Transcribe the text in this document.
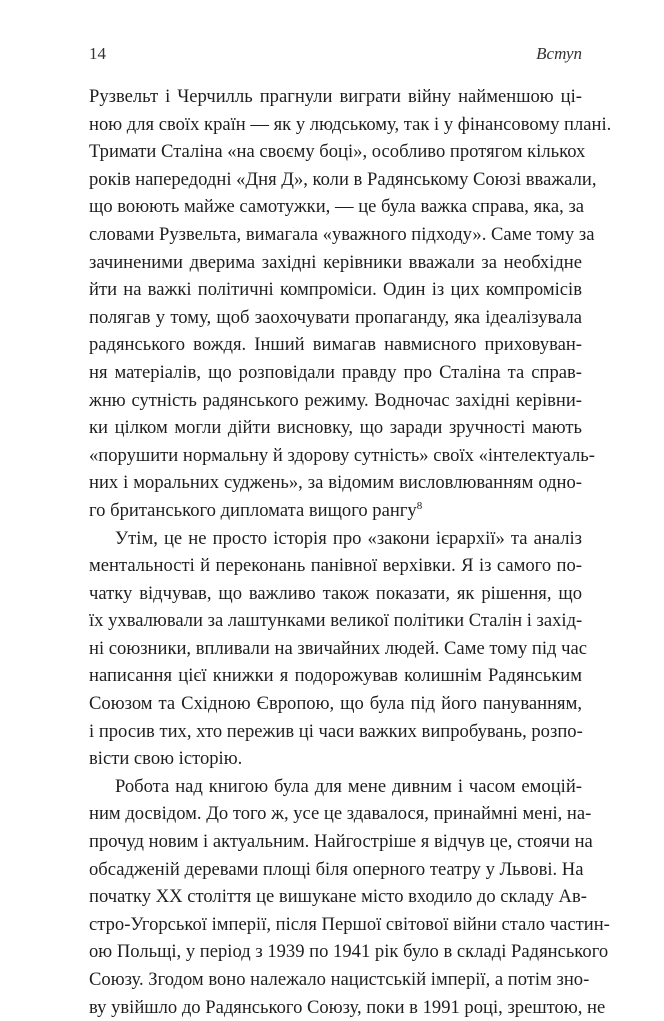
14	Вступ

Рузвельт і Черчилль прагнули виграти війну найменшою ці-
ною для своїх країн — як у людському, так і у фінансовому плані.
Тримати Сталіна «на своєму боці», особливо протягом кількох
років напередодні «Дня Д», коли в Радянському Союзі вважали,
що воюють майже самотужки, — це була важка справа, яка, за
словами Рузвельта, вимагала «уважного підходу». Саме тому за
зачиненими дверима західні керівники вважали за необхідне
йти на важкі політичні компроміси. Один із цих компромісів
полягав у тому, щоб заохочувати пропаганду, яка ідеалізувала
радянського вождя. Інший вимагав навмисного приховуван-
ня матеріалів, що розповідали правду про Сталіна та справ-
жню сутність радянського режиму. Водночас західні керівни-
ки цілком могли дійти висновку, що заради зручності мають
«порушити нормальну й здорову сутність» своїх «інтелектуаль-
них і моральних суджень», за відомим висловлюванням одно-
го британського дипломата вищого рангу$^8$

Утім, це не просто історія про «закони ієрархії» та аналіз
ментальності й переконань панівної верхівки. Я із самого по-
чатку відчував, що важливо також показати, як рішення, що
їх ухвалювали за лаштунками великої політики Сталін і захід-
ні союзники, впливали на звичайних людей. Саме тому під час
написання цієї книжки я подорожував колишнім Радянським
Союзом та Східною Європою, що була під його пануванням,
і просив тих, хто пережив ці часи важких випробувань, розпо-
вісти свою історію.

Робота над книгою була для мене дивним і часом емоцій-
ним досвідом. До того ж, усе це здавалося, принаймні мені, на-
прочуд новим і актуальним. Найгостріше я відчув це, стоячи на
обсадженій деревами площі біля оперного театру у Львові. На
початку XX століття це вишукане місто входило до складу Ав-
стро-Угорської імперії, після Першої світової війни стало частин-
ою Польщі, у період з 1939 по 1941 рік було в складі Радянського
Союзу. Згодом воно належало нацистській імперії, а потім зно-
ву увійшло до Радянського Союзу, поки в 1991 році, зрештою, не
